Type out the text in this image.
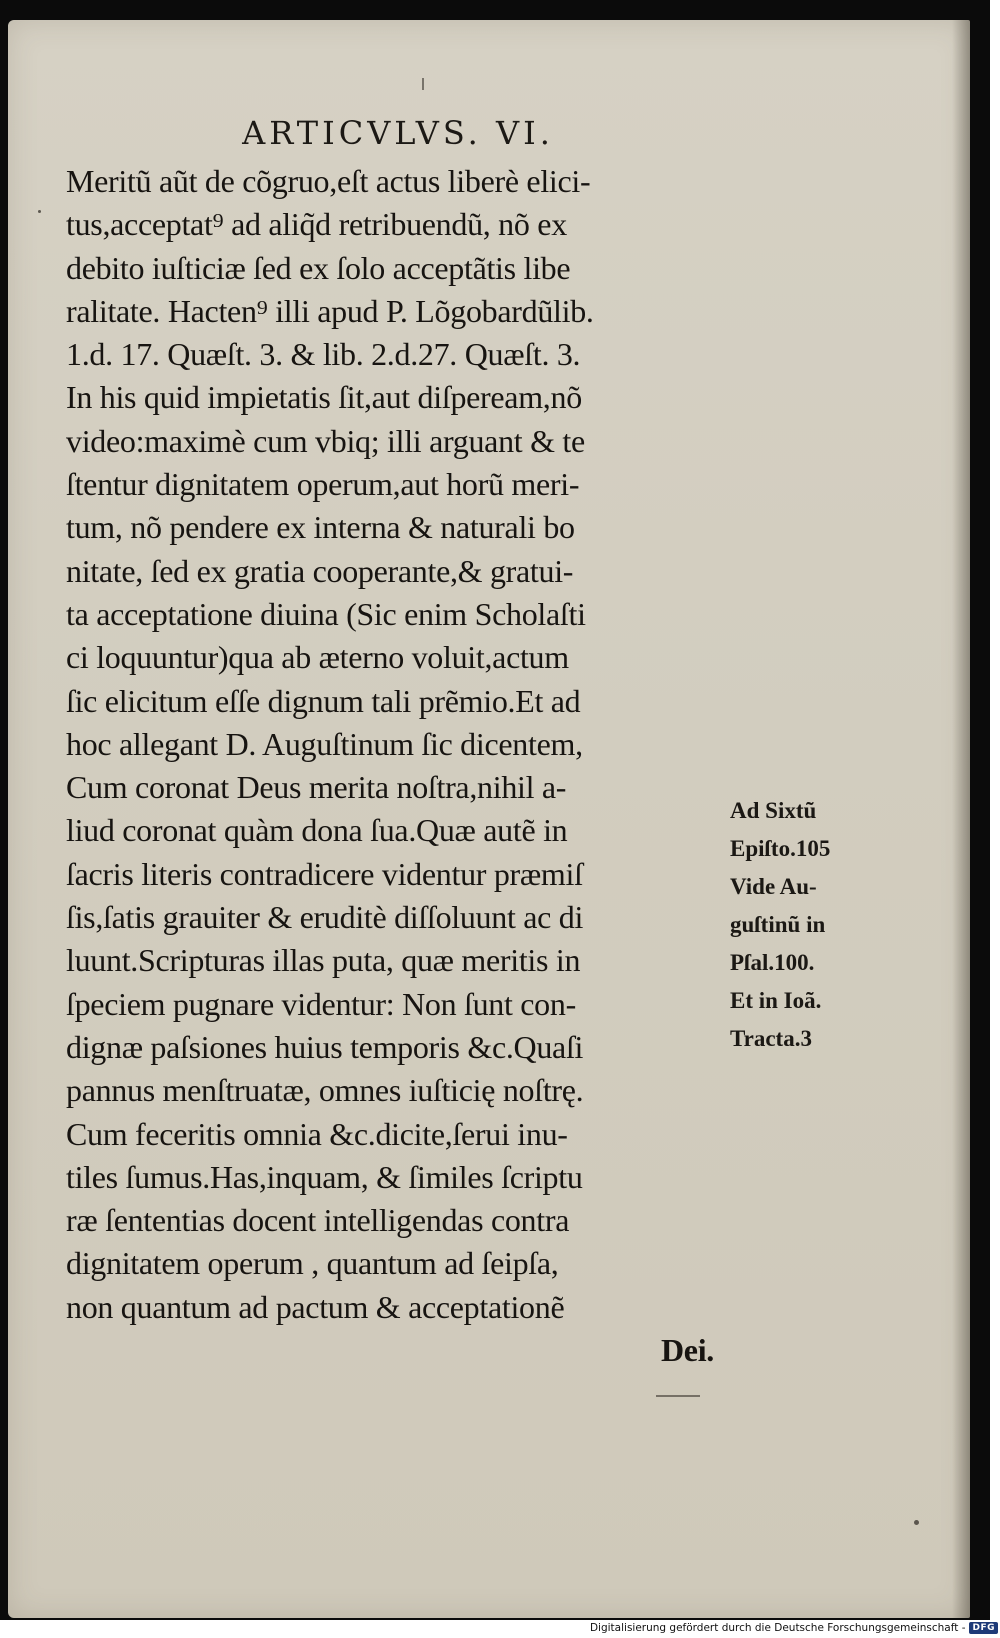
ARTICVLVS. VI.
Meritũ aũt de cõgruo,eſt actus liberè elici-
tus,acceptat⁹ ad aliq̃d retribuendũ, nõ ex
debito iuſticiæ ſed ex ſolo acceptãtis libe
ralitate. Hacten⁹ illi apud P. Lõgobardũlib.
1.d. 17. Quæſt. 3. & lib. 2.d.27. Quæſt. 3.
In his quid impietatis ſit,aut diſpeream,nõ
video:maximè cum vbiq; illi arguant & te
ſtentur dignitatem operum,aut horũ meri-
tum, nõ pendere ex interna & naturali bo
nitate, ſed ex gratia cooperante,& gratui-
ta acceptatione diuina (Sic enim Scholaſti
ci loquuntur)qua ab æterno voluit,actum
ſic elicitum eſſe dignum tali prẽmio.Et ad
hoc allegant D. Auguſtinum ſic dicentem,
Cum coronat Deus merita noſtra,nihil a-
liud coronat quàm dona ſua.Quæ autẽ in
ſacris literis contradicere videntur præmiſ
ſis,ſatis grauiter & eruditè diſſoluunt ac di
luunt.Scripturas illas puta, quæ meritis in
ſpeciem pugnare videntur: Non ſunt con-
dignæ paſsiones huius temporis &c.Quaſi
pannus menſtruatæ, omnes iuſticię noſtrę.
Cum feceritis omnia &c.dicite,ſerui inu-
tiles ſumus.Has,inquam, & ſimiles ſcriptu
ræ ſententias docent intelligendas contra
dignitatem operum , quantum ad ſeipſa,
non quantum ad pactum & acceptationẽ
Dei.
Ad Sixtũ
Epiſto.105
Vide Au-
guſtinũ in
Pſal.100.
Et in Ioã.
Tracta.3
Digitalisierung gefördert durch die Deutsche Forschungsgemeinschaft - DFG
